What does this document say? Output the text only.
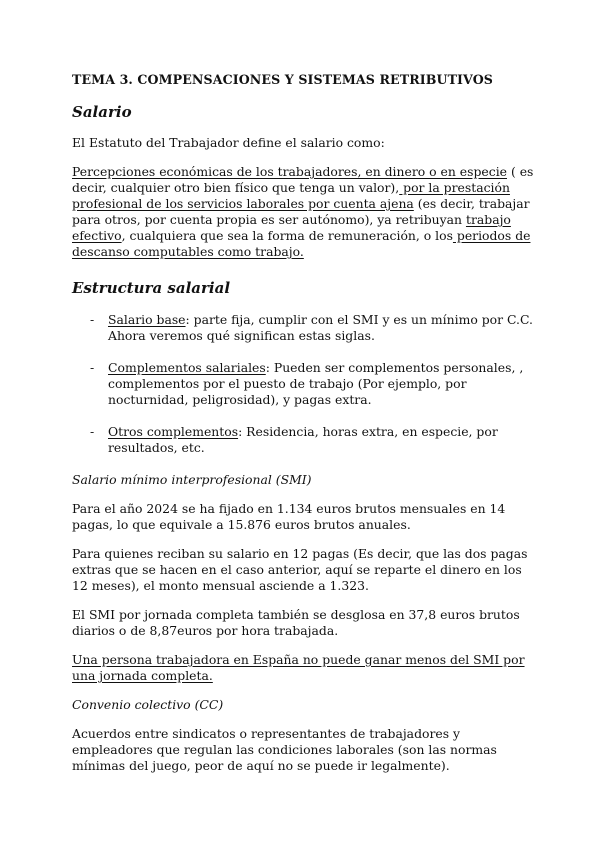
TEMA 3. COMPENSACIONES Y SISTEMAS RETRIBUTIVOS

Salario

El Estatuto del Trabajador define el salario como:

Percepciones económicas de los trabajadores, en dinero o en especie ( es decir, cualquier otro bien físico que tenga un valor), por la prestación profesional de los servicios laborales por cuenta ajena (es decir, trabajar para otros, por cuenta propia es ser autónomo), ya retribuyan trabajo efectivo, cualquiera que sea la forma de remuneración, o los periodos de descanso computables como trabajo.

Estructura salarial
- Salario base: parte fija, cumplir con el SMI y es un mínimo por C.C. Ahora veremos qué significan estas siglas.
- Complementos salariales: Pueden ser complementos personales, , complementos por el puesto de trabajo (Por ejemplo, por nocturnidad, peligrosidad), y pagas extra.
- Otros complementos: Residencia, horas extra, en especie, por resultados, etc.

Salario mínimo interprofesional (SMI)

Para el año 2024 se ha fijado en 1.134 euros brutos mensuales en 14 pagas, lo que equivale a 15.876 euros brutos anuales.

Para quienes reciban su salario en 12 pagas (Es decir, que las dos pagas extras que se hacen en el caso anterior, aquí se reparte el dinero en los 12 meses), el monto mensual asciende a 1.323.

El SMI por jornada completa también se desglosa en 37,8 euros brutos diarios o de 8,87euros por hora trabajada.

Una persona trabajadora en España no puede ganar menos del SMI por una jornada completa.

Convenio colectivo (CC)

Acuerdos entre sindicatos o representantes de trabajadores y empleadores que regulan las condiciones laborales (son las normas mínimas del juego, peor de aquí no se puede ir legalmente).
